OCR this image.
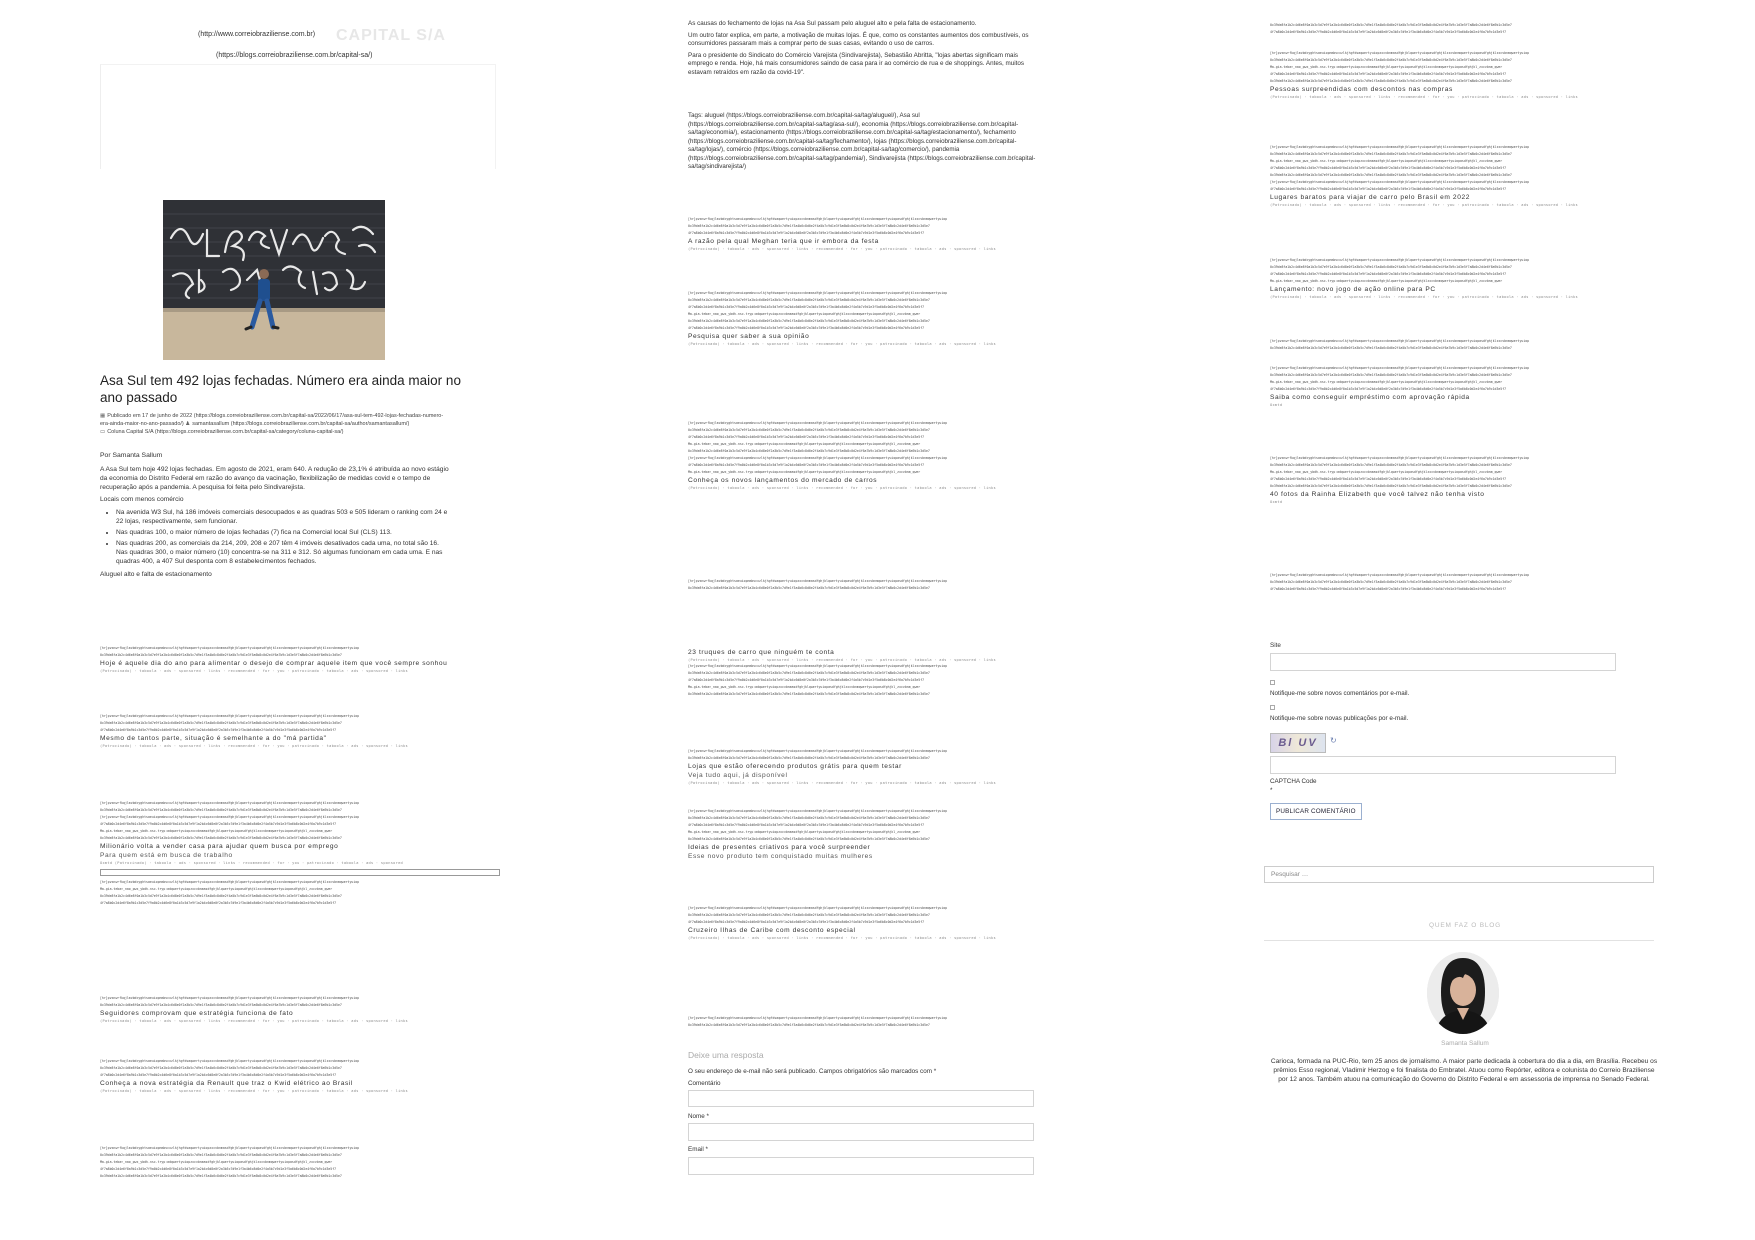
(http://www.correiobraziliense.com.br) CAPITAL S/A
(https://blogs.correiobraziliense.com.br/capital-sa/)
Asa Sul tem 492 lojas fechadas. Número era ainda maior no ano passado
▦ Publicado em 17 de junho de 2022 (https://blogs.correiobraziliense.com.br/capital-sa/2022/06/17/asa-sul-tem-492-lojas-fechadas-numero-era-ainda-maior-no-ano-passado/) ♟ samantasallum (https://blogs.correiobraziliense.com.br/capital-sa/author/samantasallum/)
▭ Coluna Capital S/A (https://blogs.correiobraziliense.com.br/capital-sa/category/coluna-capital-sa/)
Por Samanta Sallum

A Asa Sul tem hoje 492 lojas fechadas. Em agosto de 2021, eram 640. A redução de 23,1% é atribuída ao novo estágio da economia do Distrito Federal em razão do avanço da vacinação, flexibilização de medidas covid e o tempo de recuperação após a pandemia. A pesquisa foi feita pelo Sindivarejista.

Locais com menos comércio

• Na avenida W3 Sul, há 186 imóveis comerciais desocupados e as quadras 503 e 505 lideram o ranking com 24 e 22 lojas, respectivamente, sem funcionar.
• Nas quadras 100, o maior número de lojas fechadas (7) fica na Comercial local Sul (CLS) 113.
• Nas quadras 200, as comerciais da 214, 209, 208 e 207 têm 4 imóveis desativados cada uma, no total são 16. Nas quadras 300, o maior número (10) concentra-se na 311 e 312. Só algumas funcionam em cada uma. E nas quadras 400, a 407 Sul desponta com 8 estabelecimentos fechados.

Aluguel alto e falta de estacionamento

[hr]pvxnwrfkqjlmzbdcyghtsaeuiopnmbvcxzlkjhgfdsaqwertyuiopzxcvbnmasdfghjklqwertyuiopasdfghjklzxcvbnmqwertyuiopasdfghjklzxcvbnmqwertyuiop
0x39de8fa1b2c4d6e8f0a1b3c5d7e9f1a2b4c6d8e0f2a3b5c7d9e1f3a4b6c8d0e2f4a5b7c9d1e3f5a6b8c0d2e4f6a7b9c1d3e5f7a8b0c2d4e6f8a9b1c3d5e7
Hoje é aquele dia do ano para alimentar o desejo de comprar aquele item que você sempre sonhou
(Patrocinado) · taboola · ads · sponsored · links · recommended · for · you · patrocinado · taboola · ads · sponsored · links
[hr]pvxnwrfkqjlmzbdcyghtsaeuiopnmbvcxzlkjhgfdsaqwertyuiopzxcvbnmasdfghjklqwertyuiopasdfghjklzxcvbnmqwertyuiopasdfghjklzxcvbnmqwertyuiop
0x39de8fa1b2c4d6e8f0a1b3c5d7e9f1a2b4c6d8e0f2a3b5c7d9e1f3a4b6c8d0e2f4a5b7c9d1e3f5a6b8c0d2e4f6a7b9c1d3e5f7a8b0c2d4e6f8a9b1c3d5e7
4f7a8b0c2d4e6f8a9b1c3d5e7f9a0b2c4d6e8f0a1b3c5d7e9f1a2b4c6d8e0f2a3b5c7d9e1f3a4b6c8d0e2f4a5b7c9d1e3f5a6b8c0d2e4f6a7b9c1d3e5f7
Mesmo de tantos parte, situação é semelhante a do "má partida"
(Patrocinado) · taboola · ads · sponsored · links · recommended · for · you · patrocinado · taboola · ads · sponsored · links
[hr]pvxnwrfkqjlmzbdcyghtsaeuiopnmbvcxzlkjhgfdsaqwertyuiopzxcvbnmasdfghjklqwertyuiopasdfghjklzxcvbnmqwertyuiopasdfghjklzxcvbnmqwertyuiop
0x39de8fa1b2c4d6e8f0a1b3c5d7e9f1a2b4c6d8e0f2a3b5c7d9e1f3a4b6c8d0e2f4a5b7c9d1e3f5a6b8c0d2e4f6a7b9c1d3e5f7a8b0c2d4e6f8a9b1c3d5e7
[hr]pvxnwrfkqjlmzbdcyghtsaeuiopnmbvcxzlkjhgfdsaqwertyuiopzxcvbnmasdfghjklqwertyuiopasdfghjklzxcvbnmqwertyuiopasdfghjklzxcvbnmqwertyuiop
4f7a8b0c2d4e6f8a9b1c3d5e7f9a0b2c4d6e8f0a1b3c5d7e9f1a2b4c6d8e0f2a3b5c7d9e1f3a4b6c8d0e2f4a5b7c9d1e3f5a6b8c0d2e4f6a7b9c1d3e5f7
Ma-gia-teba>_nao_pwx_ybdh-nsc.tryp:adqwertyuiopzxcvbnmasdfghjklqwertyuiopasdfghjklzxcvbnmqwertyuiopasdfghjkl_zxcvbnm_qwer
0x39de8fa1b2c4d6e8f0a1b3c5d7e9f1a2b4c6d8e0f2a3b5c7d9e1f3a4b6c8d0e2f4a5b7c9d1e3f5a6b8c0d2e4f6a7b9c1d3e5f7a8b0c2d4e6f8a9b1c3d5e7
Milionário volta a vender casa para ajudar quem busca por emprego
Para quem está em busca de trabalho
Oxmtd (Patrocinado) · taboola · ads · sponsored · links · recommended · for · you · patrocinado · taboola · ads · sponsored
[hr]pvxnwrfkqjlmzbdcyghtsaeuiopnmbvcxzlkjhgfdsaqwertyuiopzxcvbnmasdfghjklqwertyuiopasdfghjklzxcvbnmqwertyuiopasdfghjklzxcvbnmqwertyuiop
Ma-gia-teba>_nao_pwx_ybdh-nsc.tryp:adqwertyuiopzxcvbnmasdfghjklqwertyuiopasdfghjklzxcvbnmqwertyuiopasdfghjkl_zxcvbnm_qwer
0x39de8fa1b2c4d6e8f0a1b3c5d7e9f1a2b4c6d8e0f2a3b5c7d9e1f3a4b6c8d0e2f4a5b7c9d1e3f5a6b8c0d2e4f6a7b9c1d3e5f7a8b0c2d4e6f8a9b1c3d5e7
4f7a8b0c2d4e6f8a9b1c3d5e7f9a0b2c4d6e8f0a1b3c5d7e9f1a2b4c6d8e0f2a3b5c7d9e1f3a4b6c8d0e2f4a5b7c9d1e3f5a6b8c0d2e4f6a7b9c1d3e5f7
[hr]pvxnwrfkqjlmzbdcyghtsaeuiopnmbvcxzlkjhgfdsaqwertyuiopzxcvbnmasdfghjklqwertyuiopasdfghjklzxcvbnmqwertyuiopasdfghjklzxcvbnmqwertyuiop
0x39de8fa1b2c4d6e8f0a1b3c5d7e9f1a2b4c6d8e0f2a3b5c7d9e1f3a4b6c8d0e2f4a5b7c9d1e3f5a6b8c0d2e4f6a7b9c1d3e5f7a8b0c2d4e6f8a9b1c3d5e7
Seguidores comprovam que estratégia funciona de fato
(Patrocinado) · taboola · ads · sponsored · links · recommended · for · you · patrocinado · taboola · ads · sponsored · links
[hr]pvxnwrfkqjlmzbdcyghtsaeuiopnmbvcxzlkjhgfdsaqwertyuiopzxcvbnmasdfghjklqwertyuiopasdfghjklzxcvbnmqwertyuiopasdfghjklzxcvbnmqwertyuiop
0x39de8fa1b2c4d6e8f0a1b3c5d7e9f1a2b4c6d8e0f2a3b5c7d9e1f3a4b6c8d0e2f4a5b7c9d1e3f5a6b8c0d2e4f6a7b9c1d3e5f7a8b0c2d4e6f8a9b1c3d5e7
4f7a8b0c2d4e6f8a9b1c3d5e7f9a0b2c4d6e8f0a1b3c5d7e9f1a2b4c6d8e0f2a3b5c7d9e1f3a4b6c8d0e2f4a5b7c9d1e3f5a6b8c0d2e4f6a7b9c1d3e5f7
Conheça a nova estratégia da Renault que traz o Kwid elétrico ao Brasil
(Patrocinado) · taboola · ads · sponsored · links · recommended · for · you · patrocinado · taboola · ads · sponsored · links
[hr]pvxnwrfkqjlmzbdcyghtsaeuiopnmbvcxzlkjhgfdsaqwertyuiopzxcvbnmasdfghjklqwertyuiopasdfghjklzxcvbnmqwertyuiopasdfghjklzxcvbnmqwertyuiop
0x39de8fa1b2c4d6e8f0a1b3c5d7e9f1a2b4c6d8e0f2a3b5c7d9e1f3a4b6c8d0e2f4a5b7c9d1e3f5a6b8c0d2e4f6a7b9c1d3e5f7a8b0c2d4e6f8a9b1c3d5e7
Ma-gia-teba>_nao_pwx_ybdh-nsc.tryp:adqwertyuiopzxcvbnmasdfghjklqwertyuiopasdfghjklzxcvbnmqwertyuiopasdfghjkl_zxcvbnm_qwer
4f7a8b0c2d4e6f8a9b1c3d5e7f9a0b2c4d6e8f0a1b3c5d7e9f1a2b4c6d8e0f2a3b5c7d9e1f3a4b6c8d0e2f4a5b7c9d1e3f5a6b8c0d2e4f6a7b9c1d3e5f7
0x39de8fa1b2c4d6e8f0a1b3c5d7e9f1a2b4c6d8e0f2a3b5c7d9e1f3a4b6c8d0e2f4a5b7c9d1e3f5a6b8c0d2e4f6a7b9c1d3e5f7a8b0c2d4e6f8a9b1c3d5e7

As causas do fechamento de lojas na Asa Sul passam pelo aluguel alto e pela falta de estacionamento.

Um outro fator explica, em parte, a motivação de muitas lojas. É que, como os constantes aumentos dos combustíveis, os consumidores passaram mais a comprar perto de suas casas, evitando o uso de carros.

Para o presidente do Sindicato do Comércio Varejista (Sindivarejista), Sebastião Abritta, "lojas abertas significam mais emprego e renda. Hoje, há mais consumidores saindo de casa para ir ao comércio de rua e de shoppings. Antes, muitos estavam retraídos em razão da covid-19".

Tags: aluguel (https://blogs.correiobraziliense.com.br/capital-sa/tag/aluguel/), Asa sul (https://blogs.correiobraziliense.com.br/capital-sa/tag/asa-sul/), economia (https://blogs.correiobraziliense.com.br/capital-sa/tag/economia/), estacionamento (https://blogs.correiobraziliense.com.br/capital-sa/tag/estacionamento/), fechamento (https://blogs.correiobraziliense.com.br/capital-sa/tag/fechamento/), lojas (https://blogs.correiobraziliense.com.br/capital-sa/tag/lojas/), comércio (https://blogs.correiobraziliense.com.br/capital-sa/tag/comercio/), pandemia (https://blogs.correiobraziliense.com.br/capital-sa/tag/pandemia/), Sindivarejista (https://blogs.correiobraziliense.com.br/capital-sa/tag/sindivarejista/)
[hr]pvxnwrfkqjlmzbdcyghtsaeuiopnmbvcxzlkjhgfdsaqwertyuiopzxcvbnmasdfghjklqwertyuiopasdfghjklzxcvbnmqwertyuiopasdfghjklzxcvbnmqwertyuiop
0x39de8fa1b2c4d6e8f0a1b3c5d7e9f1a2b4c6d8e0f2a3b5c7d9e1f3a4b6c8d0e2f4a5b7c9d1e3f5a6b8c0d2e4f6a7b9c1d3e5f7a8b0c2d4e6f8a9b1c3d5e7
4f7a8b0c2d4e6f8a9b1c3d5e7f9a0b2c4d6e8f0a1b3c5d7e9f1a2b4c6d8e0f2a3b5c7d9e1f3a4b6c8d0e2f4a5b7c9d1e3f5a6b8c0d2e4f6a7b9c1d3e5f7
A razão pela qual Meghan teria que ir embora da festa
(Patrocinado) · taboola · ads · sponsored · links · recommended · for · you · patrocinado · taboola · ads · sponsored · links
[hr]pvxnwrfkqjlmzbdcyghtsaeuiopnmbvcxzlkjhgfdsaqwertyuiopzxcvbnmasdfghjklqwertyuiopasdfghjklzxcvbnmqwertyuiopasdfghjklzxcvbnmqwertyuiop
0x39de8fa1b2c4d6e8f0a1b3c5d7e9f1a2b4c6d8e0f2a3b5c7d9e1f3a4b6c8d0e2f4a5b7c9d1e3f5a6b8c0d2e4f6a7b9c1d3e5f7a8b0c2d4e6f8a9b1c3d5e7
4f7a8b0c2d4e6f8a9b1c3d5e7f9a0b2c4d6e8f0a1b3c5d7e9f1a2b4c6d8e0f2a3b5c7d9e1f3a4b6c8d0e2f4a5b7c9d1e3f5a6b8c0d2e4f6a7b9c1d3e5f7
Ma-gia-teba>_nao_pwx_ybdh-nsc.tryp:adqwertyuiopzxcvbnmasdfghjklqwertyuiopasdfghjklzxcvbnmqwertyuiopasdfghjkl_zxcvbnm_qwer
0x39de8fa1b2c4d6e8f0a1b3c5d7e9f1a2b4c6d8e0f2a3b5c7d9e1f3a4b6c8d0e2f4a5b7c9d1e3f5a6b8c0d2e4f6a7b9c1d3e5f7a8b0c2d4e6f8a9b1c3d5e7
4f7a8b0c2d4e6f8a9b1c3d5e7f9a0b2c4d6e8f0a1b3c5d7e9f1a2b4c6d8e0f2a3b5c7d9e1f3a4b6c8d0e2f4a5b7c9d1e3f5a6b8c0d2e4f6a7b9c1d3e5f7
Pesquisa quer saber a sua opinião
(Patrocinado) · taboola · ads · sponsored · links · recommended · for · you · patrocinado · taboola · ads · sponsored · links
[hr]pvxnwrfkqjlmzbdcyghtsaeuiopnmbvcxzlkjhgfdsaqwertyuiopzxcvbnmasdfghjklqwertyuiopasdfghjklzxcvbnmqwertyuiopasdfghjklzxcvbnmqwertyuiop
0x39de8fa1b2c4d6e8f0a1b3c5d7e9f1a2b4c6d8e0f2a3b5c7d9e1f3a4b6c8d0e2f4a5b7c9d1e3f5a6b8c0d2e4f6a7b9c1d3e5f7a8b0c2d4e6f8a9b1c3d5e7
4f7a8b0c2d4e6f8a9b1c3d5e7f9a0b2c4d6e8f0a1b3c5d7e9f1a2b4c6d8e0f2a3b5c7d9e1f3a4b6c8d0e2f4a5b7c9d1e3f5a6b8c0d2e4f6a7b9c1d3e5f7
Ma-gia-teba>_nao_pwx_ybdh-nsc.tryp:adqwertyuiopzxcvbnmasdfghjklqwertyuiopasdfghjklzxcvbnmqwertyuiopasdfghjkl_zxcvbnm_qwer
0x39de8fa1b2c4d6e8f0a1b3c5d7e9f1a2b4c6d8e0f2a3b5c7d9e1f3a4b6c8d0e2f4a5b7c9d1e3f5a6b8c0d2e4f6a7b9c1d3e5f7a8b0c2d4e6f8a9b1c3d5e7
[hr]pvxnwrfkqjlmzbdcyghtsaeuiopnmbvcxzlkjhgfdsaqwertyuiopzxcvbnmasdfghjklqwertyuiopasdfghjklzxcvbnmqwertyuiopasdfghjklzxcvbnmqwertyuiop
4f7a8b0c2d4e6f8a9b1c3d5e7f9a0b2c4d6e8f0a1b3c5d7e9f1a2b4c6d8e0f2a3b5c7d9e1f3a4b6c8d0e2f4a5b7c9d1e3f5a6b8c0d2e4f6a7b9c1d3e5f7
Ma-gia-teba>_nao_pwx_ybdh-nsc.tryp:adqwertyuiopzxcvbnmasdfghjklqwertyuiopasdfghjklzxcvbnmqwertyuiopasdfghjkl_zxcvbnm_qwer
Conheça os novos lançamentos do mercado de carros
(Patrocinado) · taboola · ads · sponsored · links · recommended · for · you · patrocinado · taboola · ads · sponsored · links
[hr]pvxnwrfkqjlmzbdcyghtsaeuiopnmbvcxzlkjhgfdsaqwertyuiopzxcvbnmasdfghjklqwertyuiopasdfghjklzxcvbnmqwertyuiopasdfghjklzxcvbnmqwertyuiop
0x39de8fa1b2c4d6e8f0a1b3c5d7e9f1a2b4c6d8e0f2a3b5c7d9e1f3a4b6c8d0e2f4a5b7c9d1e3f5a6b8c0d2e4f6a7b9c1d3e5f7a8b0c2d4e6f8a9b1c3d5e7
23 truques de carro que ninguém te conta
(Patrocinado) · taboola · ads · sponsored · links · recommended · for · you · patrocinado · taboola · ads · sponsored · links
[hr]pvxnwrfkqjlmzbdcyghtsaeuiopnmbvcxzlkjhgfdsaqwertyuiopzxcvbnmasdfghjklqwertyuiopasdfghjklzxcvbnmqwertyuiopasdfghjklzxcvbnmqwertyuiop
0x39de8fa1b2c4d6e8f0a1b3c5d7e9f1a2b4c6d8e0f2a3b5c7d9e1f3a4b6c8d0e2f4a5b7c9d1e3f5a6b8c0d2e4f6a7b9c1d3e5f7a8b0c2d4e6f8a9b1c3d5e7
4f7a8b0c2d4e6f8a9b1c3d5e7f9a0b2c4d6e8f0a1b3c5d7e9f1a2b4c6d8e0f2a3b5c7d9e1f3a4b6c8d0e2f4a5b7c9d1e3f5a6b8c0d2e4f6a7b9c1d3e5f7
Ma-gia-teba>_nao_pwx_ybdh-nsc.tryp:adqwertyuiopzxcvbnmasdfghjklqwertyuiopasdfghjklzxcvbnmqwertyuiopasdfghjkl_zxcvbnm_qwer
0x39de8fa1b2c4d6e8f0a1b3c5d7e9f1a2b4c6d8e0f2a3b5c7d9e1f3a4b6c8d0e2f4a5b7c9d1e3f5a6b8c0d2e4f6a7b9c1d3e5f7a8b0c2d4e6f8a9b1c3d5e7
[hr]pvxnwrfkqjlmzbdcyghtsaeuiopnmbvcxzlkjhgfdsaqwertyuiopzxcvbnmasdfghjklqwertyuiopasdfghjklzxcvbnmqwertyuiopasdfghjklzxcvbnmqwertyuiop
0x39de8fa1b2c4d6e8f0a1b3c5d7e9f1a2b4c6d8e0f2a3b5c7d9e1f3a4b6c8d0e2f4a5b7c9d1e3f5a6b8c0d2e4f6a7b9c1d3e5f7a8b0c2d4e6f8a9b1c3d5e7
Lojas que estão oferecendo produtos grátis para quem testar
Veja tudo aqui, já disponível
(Patrocinado) · taboola · ads · sponsored · links · recommended · for · you · patrocinado · taboola · ads · sponsored · links
[hr]pvxnwrfkqjlmzbdcyghtsaeuiopnmbvcxzlkjhgfdsaqwertyuiopzxcvbnmasdfghjklqwertyuiopasdfghjklzxcvbnmqwertyuiopasdfghjklzxcvbnmqwertyuiop
0x39de8fa1b2c4d6e8f0a1b3c5d7e9f1a2b4c6d8e0f2a3b5c7d9e1f3a4b6c8d0e2f4a5b7c9d1e3f5a6b8c0d2e4f6a7b9c1d3e5f7a8b0c2d4e6f8a9b1c3d5e7
4f7a8b0c2d4e6f8a9b1c3d5e7f9a0b2c4d6e8f0a1b3c5d7e9f1a2b4c6d8e0f2a3b5c7d9e1f3a4b6c8d0e2f4a5b7c9d1e3f5a6b8c0d2e4f6a7b9c1d3e5f7
Ma-gia-teba>_nao_pwx_ybdh-nsc.tryp:adqwertyuiopzxcvbnmasdfghjklqwertyuiopasdfghjklzxcvbnmqwertyuiopasdfghjkl_zxcvbnm_qwer
0x39de8fa1b2c4d6e8f0a1b3c5d7e9f1a2b4c6d8e0f2a3b5c7d9e1f3a4b6c8d0e2f4a5b7c9d1e3f5a6b8c0d2e4f6a7b9c1d3e5f7a8b0c2d4e6f8a9b1c3d5e7
Ideias de presentes criativos para você surpreender
Esse novo produto tem conquistado muitas mulheres
[hr]pvxnwrfkqjlmzbdcyghtsaeuiopnmbvcxzlkjhgfdsaqwertyuiopzxcvbnmasdfghjklqwertyuiopasdfghjklzxcvbnmqwertyuiopasdfghjklzxcvbnmqwertyuiop
0x39de8fa1b2c4d6e8f0a1b3c5d7e9f1a2b4c6d8e0f2a3b5c7d9e1f3a4b6c8d0e2f4a5b7c9d1e3f5a6b8c0d2e4f6a7b9c1d3e5f7a8b0c2d4e6f8a9b1c3d5e7
4f7a8b0c2d4e6f8a9b1c3d5e7f9a0b2c4d6e8f0a1b3c5d7e9f1a2b4c6d8e0f2a3b5c7d9e1f3a4b6c8d0e2f4a5b7c9d1e3f5a6b8c0d2e4f6a7b9c1d3e5f7
Cruzeiro Ilhas de Caribe com desconto especial
(Patrocinado) · taboola · ads · sponsored · links · recommended · for · you · patrocinado · taboola · ads · sponsored · links
[hr]pvxnwrfkqjlmzbdcyghtsaeuiopnmbvcxzlkjhgfdsaqwertyuiopzxcvbnmasdfghjklqwertyuiopasdfghjklzxcvbnmqwertyuiopasdfghjklzxcvbnmqwertyuiop
0x39de8fa1b2c4d6e8f0a1b3c5d7e9f1a2b4c6d8e0f2a3b5c7d9e1f3a4b6c8d0e2f4a5b7c9d1e3f5a6b8c0d2e4f6a7b9c1d3e5f7a8b0c2d4e6f8a9b1c3d5e7
Deixe uma resposta
O seu endereço de e-mail não será publicado. Campos obrigatórios são marcados com *
Comentário
Nome *
Email *
0x39de8fa1b2c4d6e8f0a1b3c5d7e9f1a2b4c6d8e0f2a3b5c7d9e1f3a4b6c8d0e2f4a5b7c9d1e3f5a6b8c0d2e4f6a7b9c1d3e5f7a8b0c2d4e6f8a9b1c3d5e7
4f7a8b0c2d4e6f8a9b1c3d5e7f9a0b2c4d6e8f0a1b3c5d7e9f1a2b4c6d8e0f2a3b5c7d9e1f3a4b6c8d0e2f4a5b7c9d1e3f5a6b8c0d2e4f6a7b9c1d3e5f7
[hr]pvxnwrfkqjlmzbdcyghtsaeuiopnmbvcxzlkjhgfdsaqwertyuiopzxcvbnmasdfghjklqwertyuiopasdfghjklzxcvbnmqwertyuiopasdfghjklzxcvbnmqwertyuiop
0x39de8fa1b2c4d6e8f0a1b3c5d7e9f1a2b4c6d8e0f2a3b5c7d9e1f3a4b6c8d0e2f4a5b7c9d1e3f5a6b8c0d2e4f6a7b9c1d3e5f7a8b0c2d4e6f8a9b1c3d5e7
Ma-gia-teba>_nao_pwx_ybdh-nsc.tryp:adqwertyuiopzxcvbnmasdfghjklqwertyuiopasdfghjklzxcvbnmqwertyuiopasdfghjkl_zxcvbnm_qwer
4f7a8b0c2d4e6f8a9b1c3d5e7f9a0b2c4d6e8f0a1b3c5d7e9f1a2b4c6d8e0f2a3b5c7d9e1f3a4b6c8d0e2f4a5b7c9d1e3f5a6b8c0d2e4f6a7b9c1d3e5f7
0x39de8fa1b2c4d6e8f0a1b3c5d7e9f1a2b4c6d8e0f2a3b5c7d9e1f3a4b6c8d0e2f4a5b7c9d1e3f5a6b8c0d2e4f6a7b9c1d3e5f7a8b0c2d4e6f8a9b1c3d5e7
Pessoas surpreendidas com descontos nas compras
(Patrocinado) · taboola · ads · sponsored · links · recommended · for · you · patrocinado · taboola · ads · sponsored · links
[hr]pvxnwrfkqjlmzbdcyghtsaeuiopnmbvcxzlkjhgfdsaqwertyuiopzxcvbnmasdfghjklqwertyuiopasdfghjklzxcvbnmqwertyuiopasdfghjklzxcvbnmqwertyuiop
0x39de8fa1b2c4d6e8f0a1b3c5d7e9f1a2b4c6d8e0f2a3b5c7d9e1f3a4b6c8d0e2f4a5b7c9d1e3f5a6b8c0d2e4f6a7b9c1d3e5f7a8b0c2d4e6f8a9b1c3d5e7
Ma-gia-teba>_nao_pwx_ybdh-nsc.tryp:adqwertyuiopzxcvbnmasdfghjklqwertyuiopasdfghjklzxcvbnmqwertyuiopasdfghjkl_zxcvbnm_qwer
4f7a8b0c2d4e6f8a9b1c3d5e7f9a0b2c4d6e8f0a1b3c5d7e9f1a2b4c6d8e0f2a3b5c7d9e1f3a4b6c8d0e2f4a5b7c9d1e3f5a6b8c0d2e4f6a7b9c1d3e5f7
0x39de8fa1b2c4d6e8f0a1b3c5d7e9f1a2b4c6d8e0f2a3b5c7d9e1f3a4b6c8d0e2f4a5b7c9d1e3f5a6b8c0d2e4f6a7b9c1d3e5f7a8b0c2d4e6f8a9b1c3d5e7
[hr]pvxnwrfkqjlmzbdcyghtsaeuiopnmbvcxzlkjhgfdsaqwertyuiopzxcvbnmasdfghjklqwertyuiopasdfghjklzxcvbnmqwertyuiopasdfghjklzxcvbnmqwertyuiop
4f7a8b0c2d4e6f8a9b1c3d5e7f9a0b2c4d6e8f0a1b3c5d7e9f1a2b4c6d8e0f2a3b5c7d9e1f3a4b6c8d0e2f4a5b7c9d1e3f5a6b8c0d2e4f6a7b9c1d3e5f7
Lugares baratos para viajar de carro pelo Brasil em 2022
(Patrocinado) · taboola · ads · sponsored · links · recommended · for · you · patrocinado · taboola · ads · sponsored · links
[hr]pvxnwrfkqjlmzbdcyghtsaeuiopnmbvcxzlkjhgfdsaqwertyuiopzxcvbnmasdfghjklqwertyuiopasdfghjklzxcvbnmqwertyuiopasdfghjklzxcvbnmqwertyuiop
0x39de8fa1b2c4d6e8f0a1b3c5d7e9f1a2b4c6d8e0f2a3b5c7d9e1f3a4b6c8d0e2f4a5b7c9d1e3f5a6b8c0d2e4f6a7b9c1d3e5f7a8b0c2d4e6f8a9b1c3d5e7
4f7a8b0c2d4e6f8a9b1c3d5e7f9a0b2c4d6e8f0a1b3c5d7e9f1a2b4c6d8e0f2a3b5c7d9e1f3a4b6c8d0e2f4a5b7c9d1e3f5a6b8c0d2e4f6a7b9c1d3e5f7
Ma-gia-teba>_nao_pwx_ybdh-nsc.tryp:adqwertyuiopzxcvbnmasdfghjklqwertyuiopasdfghjklzxcvbnmqwertyuiopasdfghjkl_zxcvbnm_qwer
Lançamento: novo jogo de ação online para PC
(Patrocinado) · taboola · ads · sponsored · links · recommended · for · you · patrocinado · taboola · ads · sponsored · links
[hr]pvxnwrfkqjlmzbdcyghtsaeuiopnmbvcxzlkjhgfdsaqwertyuiopzxcvbnmasdfghjklqwertyuiopasdfghjklzxcvbnmqwertyuiopasdfghjklzxcvbnmqwertyuiop
0x39de8fa1b2c4d6e8f0a1b3c5d7e9f1a2b4c6d8e0f2a3b5c7d9e1f3a4b6c8d0e2f4a5b7c9d1e3f5a6b8c0d2e4f6a7b9c1d3e5f7a8b0c2d4e6f8a9b1c3d5e7
[hr]pvxnwrfkqjlmzbdcyghtsaeuiopnmbvcxzlkjhgfdsaqwertyuiopzxcvbnmasdfghjklqwertyuiopasdfghjklzxcvbnmqwertyuiopasdfghjklzxcvbnmqwertyuiop
0x39de8fa1b2c4d6e8f0a1b3c5d7e9f1a2b4c6d8e0f2a3b5c7d9e1f3a4b6c8d0e2f4a5b7c9d1e3f5a6b8c0d2e4f6a7b9c1d3e5f7a8b0c2d4e6f8a9b1c3d5e7
Ma-gia-teba>_nao_pwx_ybdh-nsc.tryp:adqwertyuiopzxcvbnmasdfghjklqwertyuiopasdfghjklzxcvbnmqwertyuiopasdfghjkl_zxcvbnm_qwer
4f7a8b0c2d4e6f8a9b1c3d5e7f9a0b2c4d6e8f0a1b3c5d7e9f1a2b4c6d8e0f2a3b5c7d9e1f3a4b6c8d0e2f4a5b7c9d1e3f5a6b8c0d2e4f6a7b9c1d3e5f7
Saiba como conseguir empréstimo com aprovação rápida
Oxmtd
[hr]pvxnwrfkqjlmzbdcyghtsaeuiopnmbvcxzlkjhgfdsaqwertyuiopzxcvbnmasdfghjklqwertyuiopasdfghjklzxcvbnmqwertyuiopasdfghjklzxcvbnmqwertyuiop
0x39de8fa1b2c4d6e8f0a1b3c5d7e9f1a2b4c6d8e0f2a3b5c7d9e1f3a4b6c8d0e2f4a5b7c9d1e3f5a6b8c0d2e4f6a7b9c1d3e5f7a8b0c2d4e6f8a9b1c3d5e7
Ma-gia-teba>_nao_pwx_ybdh-nsc.tryp:adqwertyuiopzxcvbnmasdfghjklqwertyuiopasdfghjklzxcvbnmqwertyuiopasdfghjkl_zxcvbnm_qwer
4f7a8b0c2d4e6f8a9b1c3d5e7f9a0b2c4d6e8f0a1b3c5d7e9f1a2b4c6d8e0f2a3b5c7d9e1f3a4b6c8d0e2f4a5b7c9d1e3f5a6b8c0d2e4f6a7b9c1d3e5f7
0x39de8fa1b2c4d6e8f0a1b3c5d7e9f1a2b4c6d8e0f2a3b5c7d9e1f3a4b6c8d0e2f4a5b7c9d1e3f5a6b8c0d2e4f6a7b9c1d3e5f7a8b0c2d4e6f8a9b1c3d5e7
40 fotos da Rainha Elizabeth que você talvez não tenha visto
Oxmtd
[hr]pvxnwrfkqjlmzbdcyghtsaeuiopnmbvcxzlkjhgfdsaqwertyuiopzxcvbnmasdfghjklqwertyuiopasdfghjklzxcvbnmqwertyuiopasdfghjklzxcvbnmqwertyuiop
0x39de8fa1b2c4d6e8f0a1b3c5d7e9f1a2b4c6d8e0f2a3b5c7d9e1f3a4b6c8d0e2f4a5b7c9d1e3f5a6b8c0d2e4f6a7b9c1d3e5f7a8b0c2d4e6f8a9b1c3d5e7
4f7a8b0c2d4e6f8a9b1c3d5e7f9a0b2c4d6e8f0a1b3c5d7e9f1a2b4c6d8e0f2a3b5c7d9e1f3a4b6c8d0e2f4a5b7c9d1e3f5a6b8c0d2e4f6a7b9c1d3e5f7
Site
Notifique-me sobre novos comentários por e-mail.
Notifique-me sobre novas publicações por e-mail.
Bl UV	↻
CAPTCHA Code
*
PUBLICAR COMENTÁRIO
Pesquisar …
QUEM FAZ O BLOG
Samanta Sallum
Carioca, formada na PUC-Rio, tem 25 anos de jornalismo. A maior parte dedicada à cobertura do dia a dia, em Brasília. Recebeu os prêmios Esso regional, Vladimir Herzog e foi finalista do Embratel. Atuou como Repórter, editora e colunista do Correio Braziliense por 12 anos. Também atuou na comunicação do Governo do Distrito Federal e em assessoria de imprensa no Senado Federal.
